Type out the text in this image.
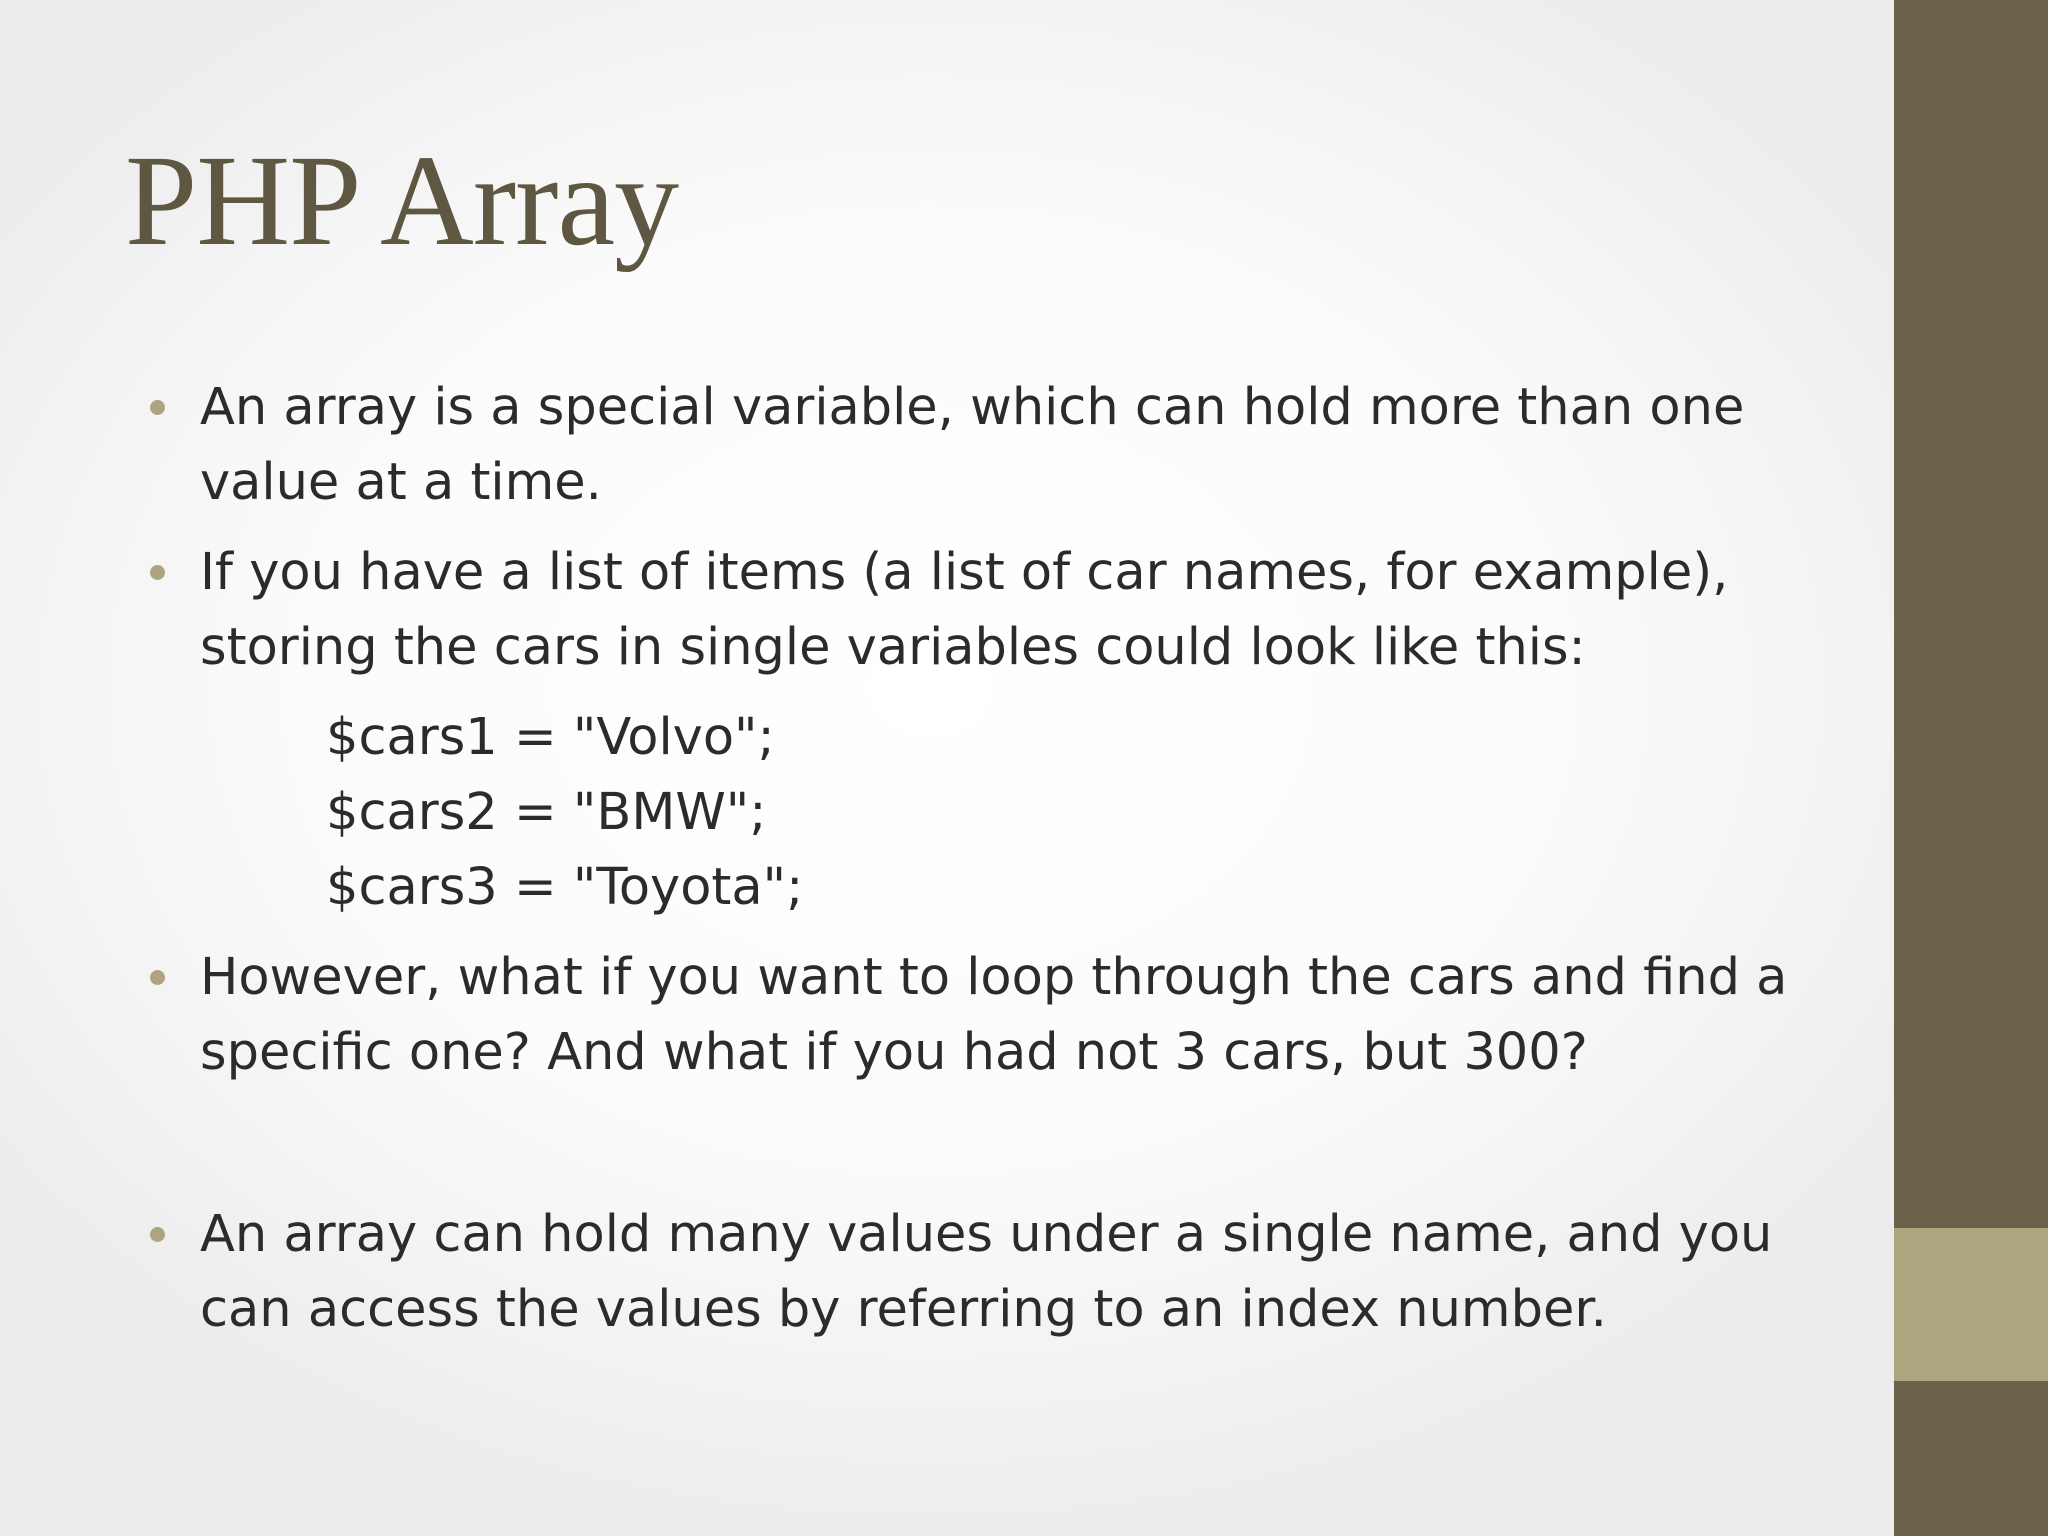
PHP Array
An array is a special variable, which can hold more than one
value at a time.
If you have a list of items (a list of car names, for example),
storing the cars in single variables could look like this:
$cars1 = "Volvo";
$cars2 = "BMW";
$cars3 = "Toyota";
However, what if you want to loop through the cars and find a
specific one? And what if you had not 3 cars, but 300?
An array can hold many values under a single name, and you
can access the values by referring to an index number.
